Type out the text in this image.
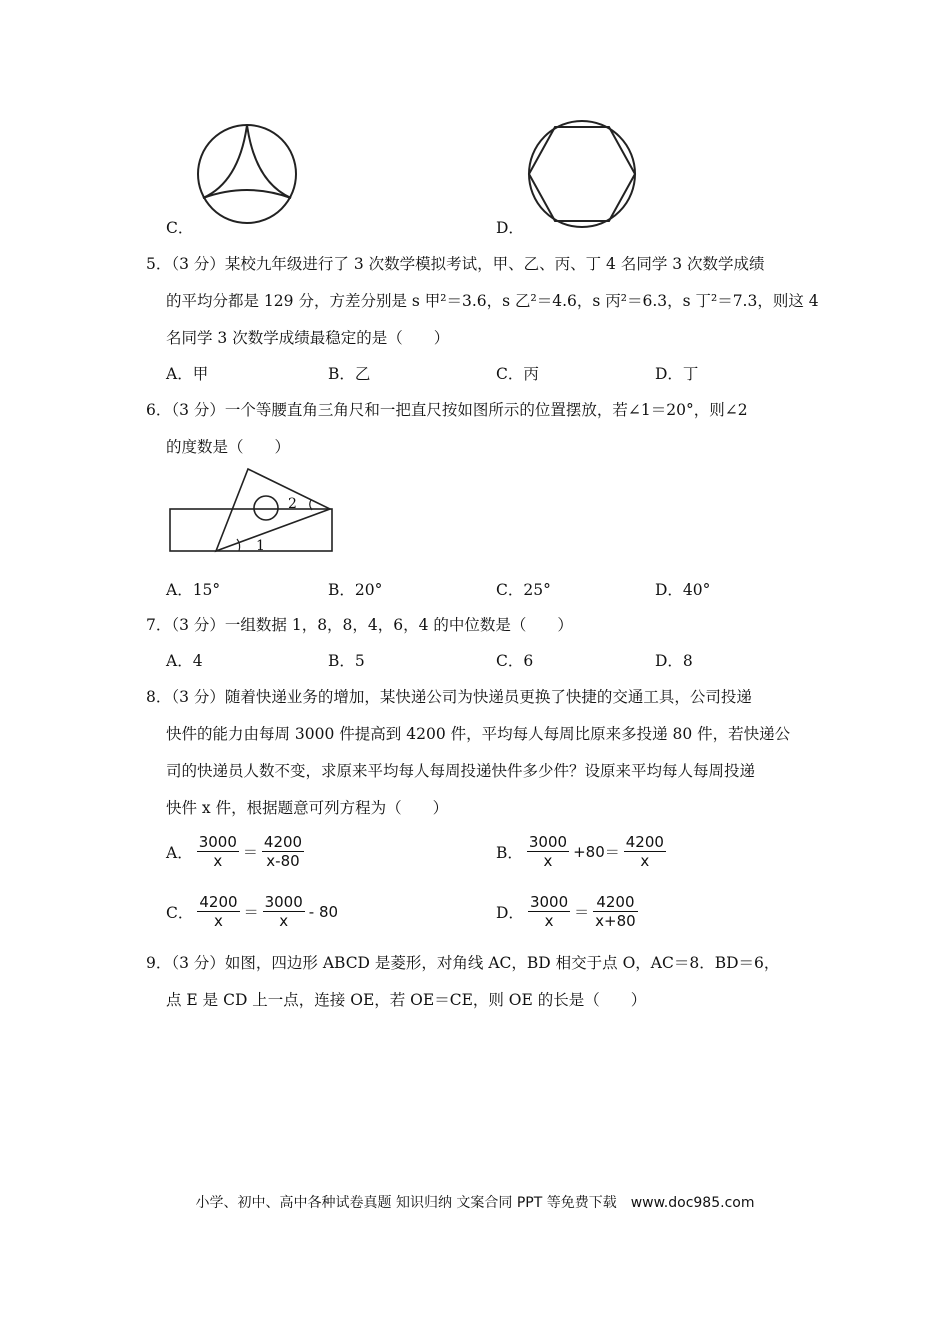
C．	D．
5．（3 分）某校九年级进行了 3 次数学模拟考试，甲、乙、丙、丁 4 名同学 3 次数学成绩
的平均分都是 129 分，方差分别是 s 甲²＝3.6，s 乙²＝4.6，s 丙²＝6.3，s 丁²＝7.3，则这 4
名同学 3 次数学成绩最稳定的是（　　）
A．甲	B．乙	C．丙	D．丁
6．（3 分）一个等腰直角三角尺和一把直尺按如图所示的位置摆放，若∠1＝20°，则∠2
的度数是（　　）
1
2
A．15°	B．20°	C．25°	D．40°
7．（3 分）一组数据 1，8，8，4，6，4 的中位数是（　　）
A．4	B．5	C．6	D．8
8．（3 分）随着快递业务的增加，某快递公司为快递员更换了快捷的交通工具，公司投递
快件的能力由每周 3000 件提高到 4200 件，平均每人每周比原来多投递 80 件，若快递公
司的快递员人数不变，求原来平均每人每周投递快件多少件？设原来平均每人每周投递
快件 x 件，根据题意可列方程为（　　）
A． $\frac{3000}{x} = \frac{4200}{x-80}$	B． $\frac{3000}{x} +80= \frac{4200}{x}$
C． $\frac{4200}{x} = \frac{3000}{x} - 80$	D． $\frac{3000}{x} = \frac{4200}{x+80}$
9．（3 分）如图，四边形 ABCD 是菱形，对角线 AC，BD 相交于点 O，AC＝8．BD＝6，
点 E 是 CD 上一点，连接 OE，若 OE＝CE，则 OE 的长是（　　）
小学、初中、高中各种试卷真题 知识归纳 文案合同 PPT 等免费下载　www.doc985.com
